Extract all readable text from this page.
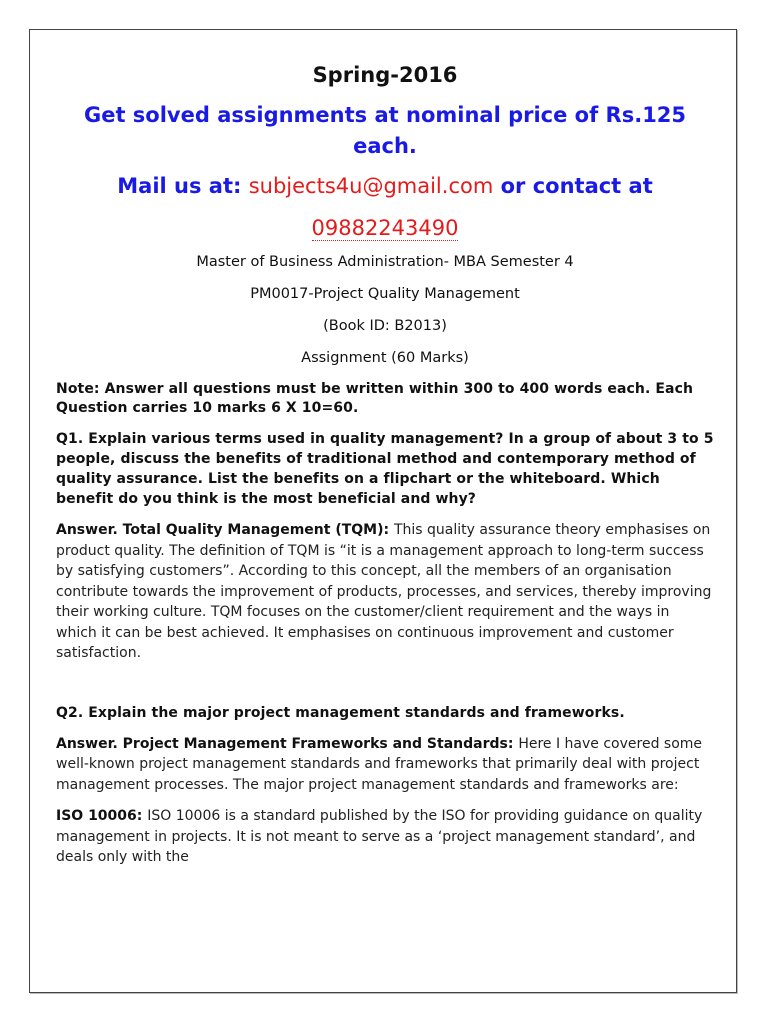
Spring-2016
Get solved assignments at nominal price of Rs.125 each.
Mail us at: subjects4u@gmail.com or contact at
09882243490
Master of Business Administration- MBA Semester 4
PM0017-Project Quality Management
(Book ID: B2013)
Assignment (60 Marks)
Note: Answer all questions must be written within 300 to 400 words each. Each Question carries 10 marks 6 X 10=60.
Q1. Explain various terms used in quality management? In a group of about 3 to 5 people, discuss the benefits of traditional method and contemporary method of quality assurance. List the benefits on a flipchart or the whiteboard. Which benefit do you think is the most beneficial and why?
Answer. Total Quality Management (TQM): This quality assurance theory emphasises on product quality. The definition of TQM is “it is a management approach to long-term success by satisfying customers”. According to this concept, all the members of an organisation contribute towards the improvement of products, processes, and services, thereby improving their working culture. TQM focuses on the customer/client requirement and the ways in which it can be best achieved. It emphasises on continuous improvement and customer satisfaction.
Q2. Explain the major project management standards and frameworks.
Answer. Project Management Frameworks and Standards: Here I have covered some well-known project management standards and frameworks that primarily deal with project management processes. The major project management standards and frameworks are:
ISO 10006: ISO 10006 is a standard published by the ISO for providing guidance on quality management in projects. It is not meant to serve as a ‘project management standard’, and deals only with the
